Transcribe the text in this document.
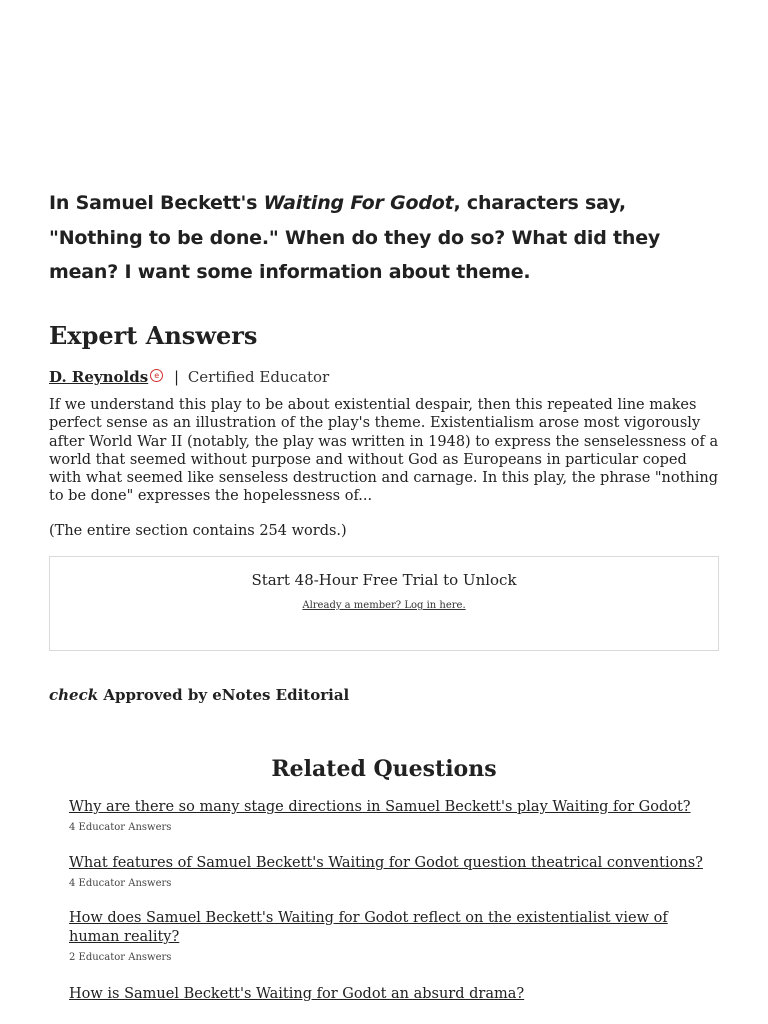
In Samuel Beckett's Waiting For Godot, characters say, "Nothing to be done." When do they do so? What did they mean? I want some information about theme.
Expert Answers
D. Reynolds e | Certified Educator

If we understand this play to be about existential despair, then this repeated line makes perfect sense as an illustration of the play's theme. Existentialism arose most vigorously after World War II (notably, the play was written in 1948) to express the senselessness of a world that seemed without purpose and without God as Europeans in particular coped with what seemed like senseless destruction and carnage. In this play, the phrase "nothing to be done" expresses the hopelessness of...

(The entire section contains 254 words.)

Start 48-Hour Free Trial to Unlock
Already a member? Log in here.
check Approved by eNotes Editorial
Related Questions
Why are there so many stage directions in Samuel Beckett's play Waiting for Godot?
4 Educator Answers
What features of Samuel Beckett's Waiting for Godot question theatrical conventions?
4 Educator Answers
How does Samuel Beckett's Waiting for Godot reflect on the existentialist view of human reality?
2 Educator Answers
How is Samuel Beckett's Waiting for Godot an absurd drama?
